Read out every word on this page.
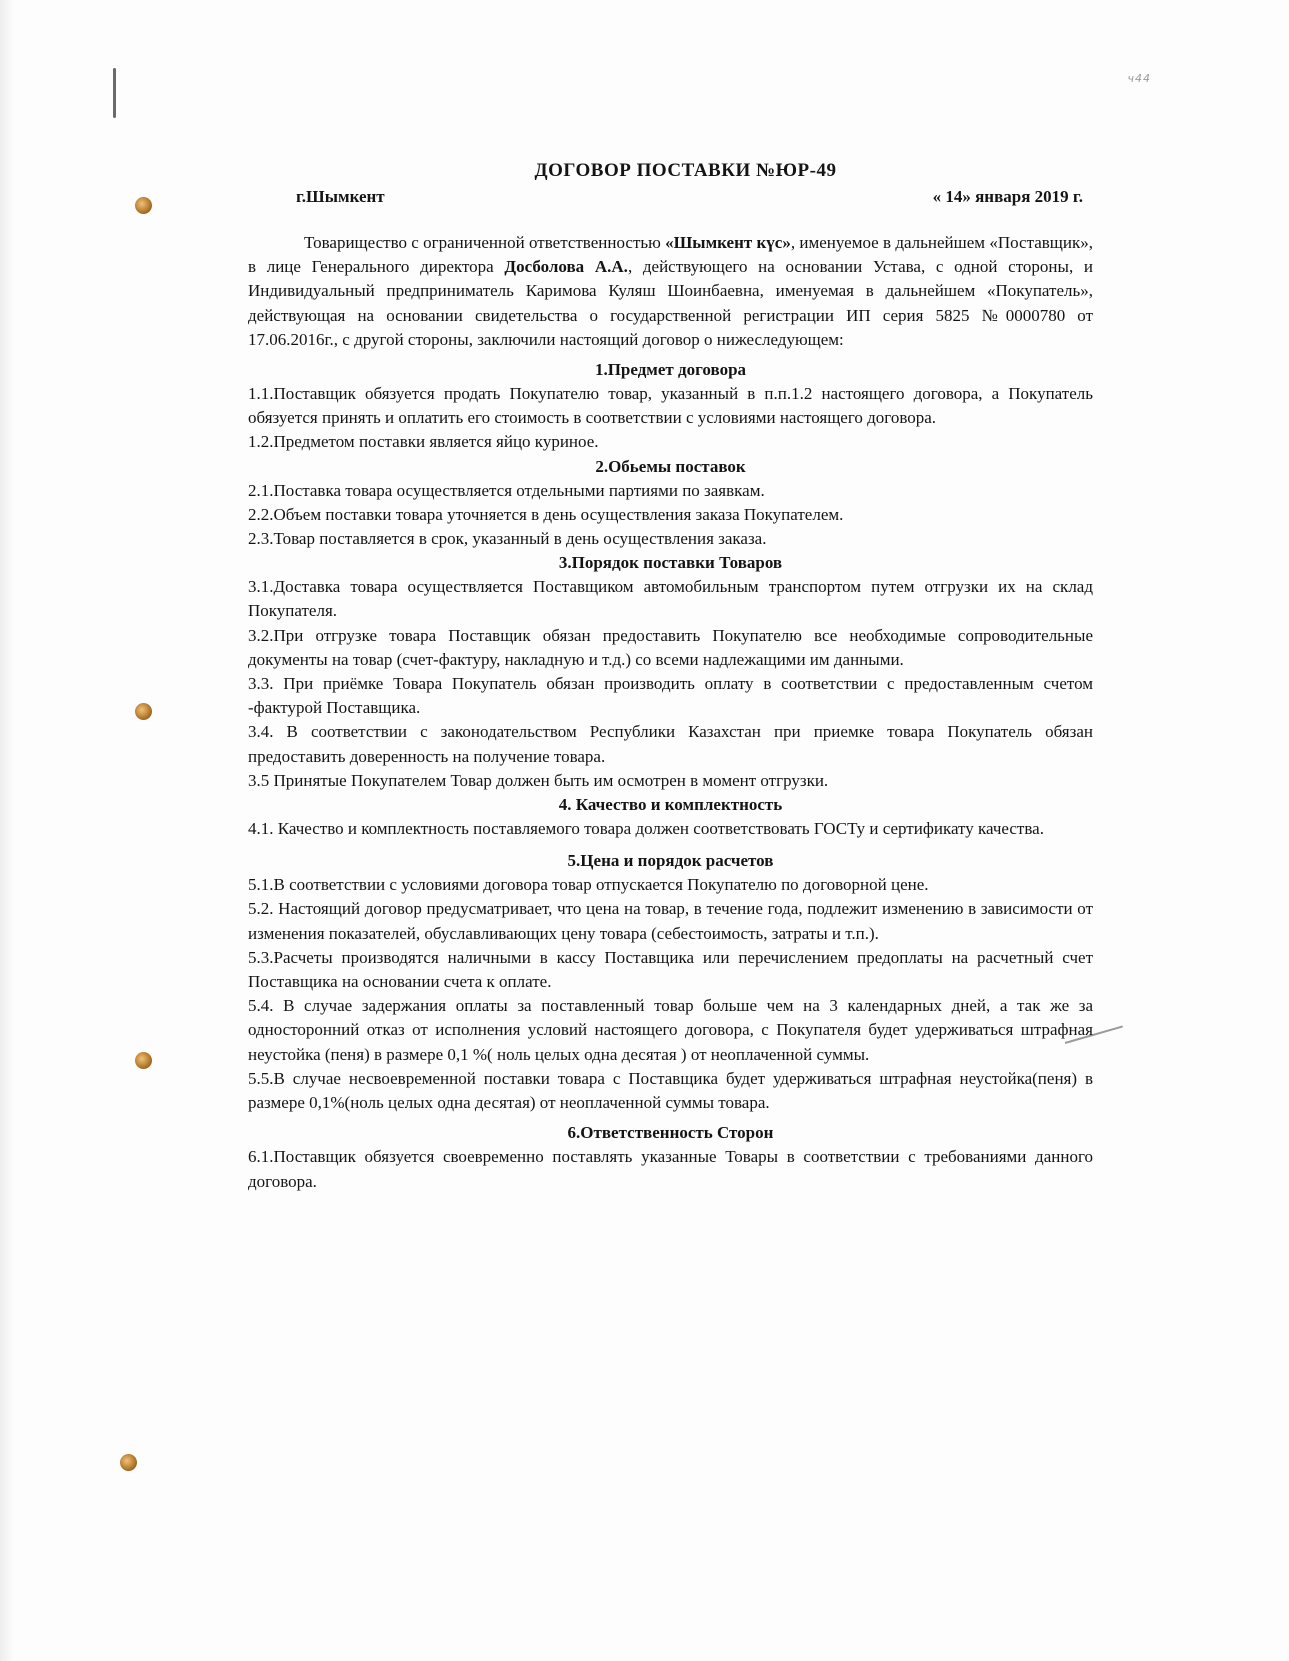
ч44
ДОГОВОР ПОСТАВКИ №ЮР-49
г.Шымкент	« 14» января 2019 г.

Товарищество с ограниченной ответственностью «Шымкент күс», именуемое в дальнейшем «Поставщик», в лице Генерального директора Досболова А.А., действующего на основании Устава, с одной стороны, и Индивидуальный предприниматель Каримова Куляш Шоинбаевна, именуемая в дальнейшем «Покупатель», действующая на основании свидетельства о государственной регистрации ИП серия 5825 №0000780 от 17.06.2016г., с другой стороны, заключили настоящий договор о нижеследующем:

1.Предмет договора

1.1.Поставщик обязуется продать Покупателю товар, указанный в п.п.1.2 настоящего договора, а Покупатель обязуется принять и оплатить его стоимость в соответствии с условиями настоящего договора.

1.2.Предметом поставки является яйцо куриное.

2.Обьемы поставок

2.1.Поставка товара осуществляется отдельными партиями по заявкам.

2.2.Объем поставки товара уточняется в день осуществления заказа Покупателем.

2.3.Товар поставляется в срок, указанный в день осуществления заказа.

3.Порядок поставки Товаров

3.1.Доставка товара осуществляется Поставщиком автомобильным транспортом путем отгрузки их на склад Покупателя.

3.2.При отгрузке товара Поставщик обязан предоставить Покупателю все необходимые сопроводительные документы на товар (счет-фактуру, накладную и т.д.) со всеми надлежащими им данными.

3.3. При приёмке Товара Покупатель обязан производить оплату в соответствии с предоставленным счетом -фактурой Поставщика.

3.4. В соответствии с законодательством Республики Казахстан при приемке товара Покупатель обязан предоставить доверенность на получение товара.

3.5 Принятые Покупателем Товар должен быть им осмотрен в момент отгрузки.

4. Качество и комплектность

4.1. Качество и комплектность поставляемого товара должен соответствовать ГОСТу и сертификату качества.

5.Цена и порядок расчетов

5.1.В соответствии с условиями договора товар отпускается Покупателю по договорной цене.

5.2. Настоящий договор предусматривает, что цена на товар, в течение года, подлежит изменению в зависимости от изменения показателей, обуславливающих цену товара (себестоимость, затраты и т.п.).

5.3.Расчеты производятся наличными в кассу Поставщика или перечислением предоплаты на расчетный счет Поставщика на основании счета к оплате.

5.4. В случае задержания оплаты за поставленный товар больше чем на 3 календарных дней, а так же за односторонний отказ от исполнения условий настоящего договора, с Покупателя будет удерживаться штрафная неустойка (пеня) в размере 0,1 %( ноль целых одна десятая ) от неоплаченной суммы.

5.5.В случае несвоевременной поставки товара с Поставщика будет удерживаться штрафная неустойка(пеня) в размере 0,1%(ноль целых одна десятая) от неоплаченной суммы товара.

6.Ответственность Сторон

6.1.Поставщик обязуется своевременно поставлять указанные Товары в соответствии с требованиями данного договора.
